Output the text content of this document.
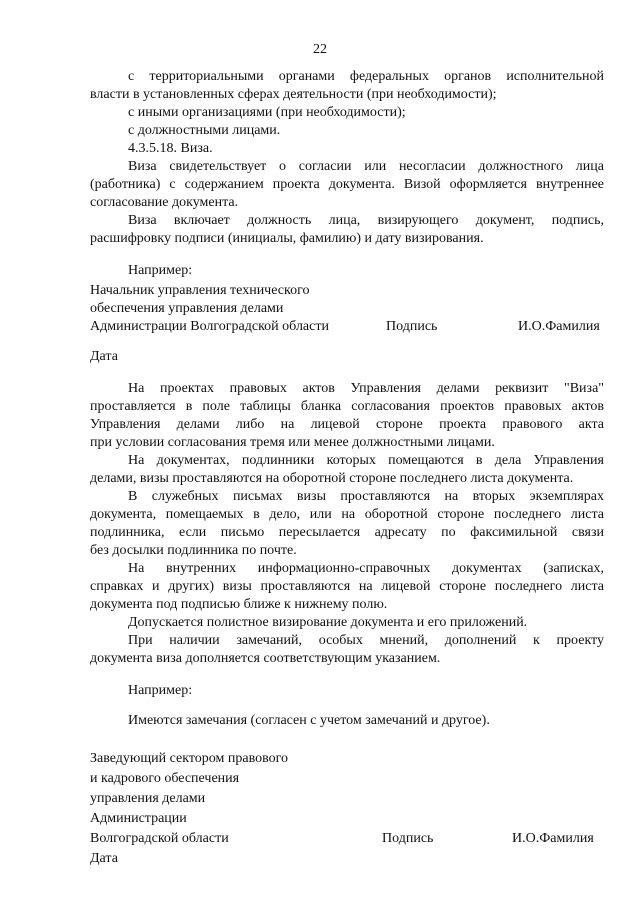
22

с территориальными органами федеральных органов исполнительной

власти в установленных сферах деятельности (при необходимости);

с иными организациями (при необходимости);

с должностными лицами.

4.3.5.18. Виза.

Виза свидетельствует о согласии или несогласии должностного лица

(работника) с содержанием проекта документа. Визой оформляется внутреннее

согласование документа.

Виза включает должность лица, визирующего документ, подпись,

расшифровку подписи (инициалы, фамилию) и дату визирования.

Например:

Начальник управления технического

обеспечения управления делами

Администрации Волгоградской области	Подпись	И.О.Фамилия

Дата

На проектах правовых актов Управления делами реквизит "Виза"

проставляется в поле таблицы бланка согласования проектов правовых актов

Управления делами либо на лицевой стороне проекта правового акта

при условии согласования тремя или менее должностными лицами.

На документах, подлинники которых помещаются в дела Управления

делами, визы проставляются на оборотной стороне последнего листа документа.

В служебных письмах визы проставляются на вторых экземплярах

документа, помещаемых в дело, или на оборотной стороне последнего листа

подлинника, если письмо пересылается адресату по факсимильной связи

без досылки подлинника по почте.

На внутренних информационно-справочных документах (записках,

справках и других) визы проставляются на лицевой стороне последнего листа

документа под подписью ближе к нижнему полю.

Допускается полистное визирование документа и его приложений.

При наличии замечаний, особых мнений, дополнений к проекту

документа виза дополняется соответствующим указанием.

Например:

Имеются замечания (согласен с учетом замечаний и другое).

Заведующий сектором правового

и кадрового обеспечения

управления делами

Администрации

Волгоградской области	Подпись	И.О.Фамилия

Дата
